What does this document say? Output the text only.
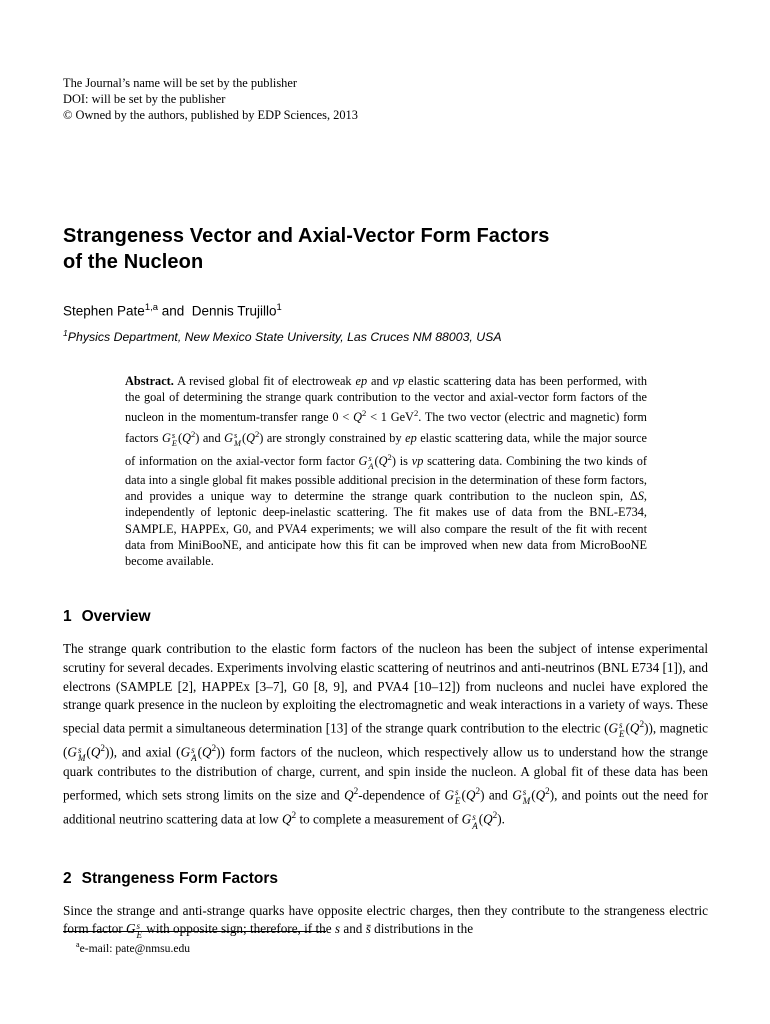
The Journal’s name will be set by the publisher
DOI: will be set by the publisher
© Owned by the authors, published by EDP Sciences, 2013
Strangeness Vector and Axial-Vector Form Factors
of the Nucleon
Stephen Pate$^{1,a}$ and  Dennis Trujillo$^1$
$^1$Physics Department, New Mexico State University, Las Cruces NM 88003, USA

Abstract. A revised global fit of electroweak ep and νp elastic scattering data has been performed, with the goal of determining the strange quark contribution to the vector and axial-vector form factors of the nucleon in the momentum-transfer range $0 < Q^2 < 1$ GeV$^2$. The two vector (electric and magnetic) form factors G s
E $(Q^2)$ and G s
M $(Q^2)$ are strongly constrained by ep elastic scattering data, while the major source of information on the axial-vector form factor G s
A $(Q^2)$ is νp scattering data. Combining the two kinds of data into a single global fit makes possible additional precision in the determination of these form factors, and provides a unique way to determine the strange quark contribution to the nucleon spin, ΔS, independently of leptonic deep-inelastic scattering. The fit makes use of data from the BNL-E734, SAMPLE, HAPPEx, G0, and PVA4 experiments; we will also compare the result of the fit with recent data from MiniBooNE, and anticipate how this fit can be improved when new data from MicroBooNE become available.

1 Overview

The strange quark contribution to the elastic form factors of the nucleon has been the subject of intense experimental scrutiny for several decades. Experiments involving elastic scattering of neutrinos and anti-neutrinos (BNL E734 [1]), and electrons (SAMPLE [2], HAPPEx [3–7], G0 [8, 9], and PVA4 [10–12]) from nucleons and nuclei have explored the strange quark presence in the nucleon by exploiting the electromagnetic and weak interactions in a variety of ways. These special data permit a simultaneous determination [13] of the strange quark contribution to the electric (G s
E $(Q^2)$), magnetic (G s
M $(Q^2)$), and axial (G s
A $(Q^2)$) form factors of the nucleon, which respectively allow us to understand how the strange quark contributes to the distribution of charge, current, and spin inside the nucleon. A global fit of these data has been performed, which sets strong limits on the size and $Q^2$-dependence of G s
E $(Q^2)$ and G s
M $(Q^2)$, and points out the need for additional neutrino scattering data at low $Q^2$ to complete a measurement of G s
A $(Q^2)$.

2 Strangeness Form Factors

Since the strange and anti-strange quarks have opposite electric charges, then they contribute to the strangeness electric form factor G s
E with opposite sign; therefore, if the s and s̄ distributions in the

$^a$e-mail: pate@nmsu.edu
